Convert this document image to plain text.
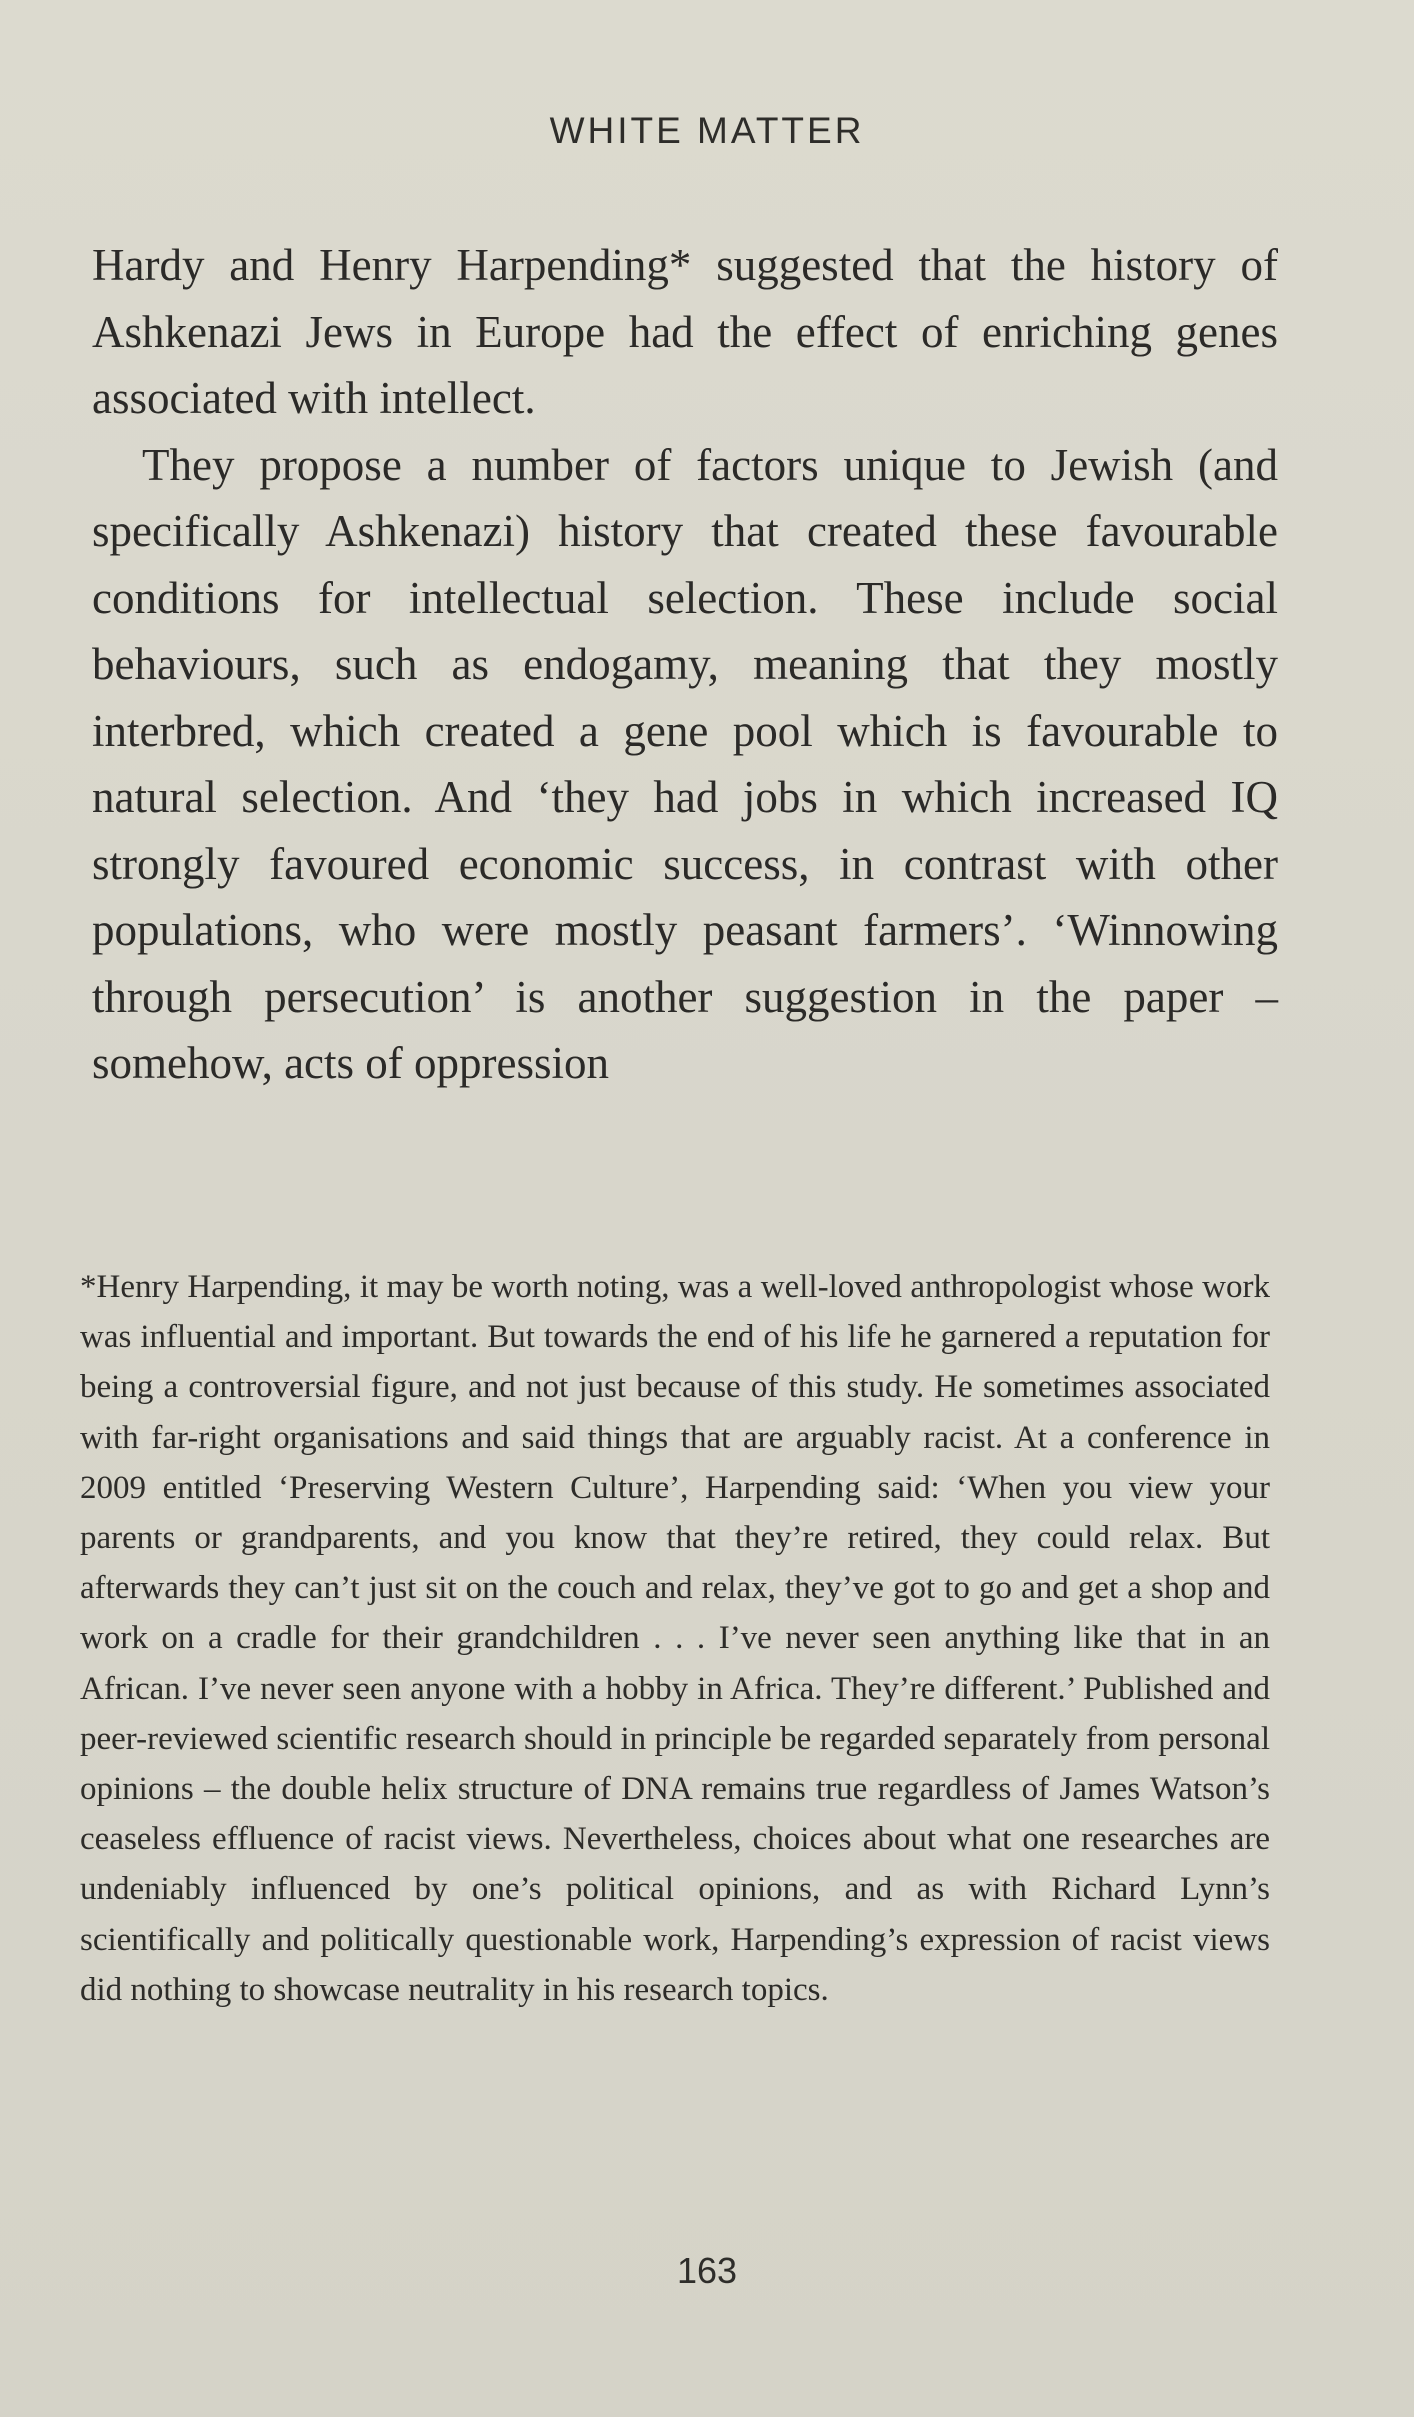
WHITE MATTER

Hardy and Henry Harpending* suggested that the history of Ashkenazi Jews in Europe had the effect of enriching genes associated with intellect.

They propose a number of factors unique to Jewish (and specifically Ashkenazi) history that created these favourable conditions for intellectual selection. These include social behaviours, such as endogamy, meaning that they mostly interbred, which created a gene pool which is favourable to natural selection. And ‘they had jobs in which increased IQ strongly favoured economic success, in contrast with other populations, who were mostly peasant farmers’. ‘Winnowing through persecution’ is another suggestion in the paper – somehow, acts of oppression

*Henry Harpending, it may be worth noting, was a well-loved anthropologist whose work was influential and important. But towards the end of his life he garnered a reputation for being a controversial figure, and not just because of this study. He sometimes associated with far-right organisations and said things that are arguably racist. At a conference in 2009 entitled ‘Preserving Western Culture’, Harpending said: ‘When you view your parents or grandparents, and you know that they’re retired, they could relax. But afterwards they can’t just sit on the couch and relax, they’ve got to go and get a shop and work on a cradle for their grandchildren . . . I’ve never seen anything like that in an African. I’ve never seen anyone with a hobby in Africa. They’re different.’ Published and peer-reviewed scientific research should in principle be regarded separately from personal opinions – the double helix structure of DNA remains true regardless of James Watson’s ceaseless effluence of racist views. Nevertheless, choices about what one researches are undeniably influenced by one’s political opinions, and as with Richard Lynn’s scientifically and politically questionable work, Harpending’s expression of racist views did nothing to showcase neutrality in his research topics.

163
